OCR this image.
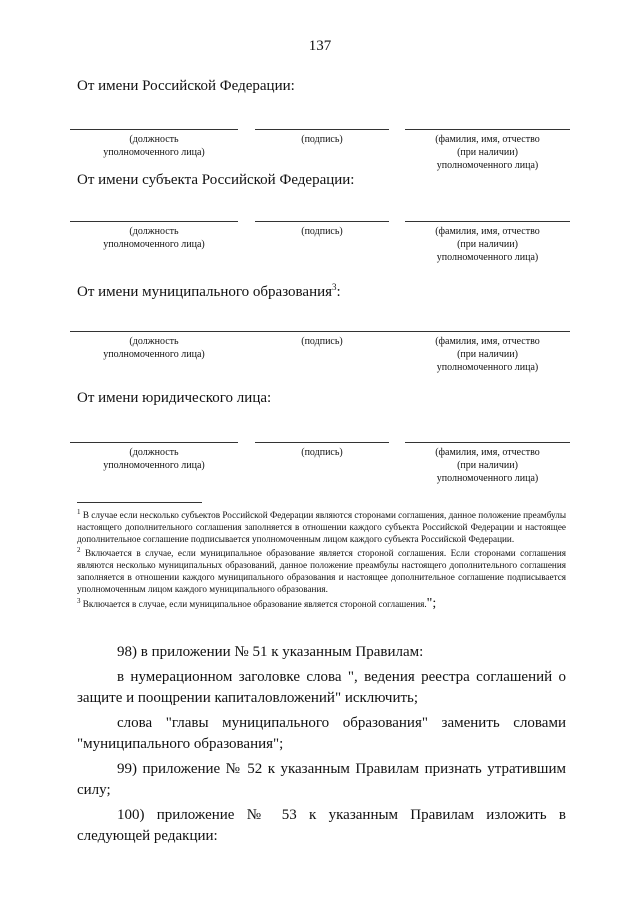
137
От имени Российской Федерации:
(должность
уполномоченного лица)
(подпись)	(фамилия, имя, отчество
(при наличии)
уполномоченного лица)
От имени субъекта Российской Федерации:
(должность
уполномоченного лица)
(подпись)	(фамилия, имя, отчество
(при наличии)
уполномоченного лица)
От имени муниципального образования$^3$:
(должность
уполномоченного лица)
(подпись)	(фамилия, имя, отчество
(при наличии)
уполномоченного лица)
От имени юридического лица:
(должность
уполномоченного лица)
(подпись)	(фамилия, имя, отчество
(при наличии)
уполномоченного лица)
$^1$ В случае если несколько субъектов Российской Федерации являются сторонами соглашения, данное положение преамбулы настоящего дополнительного соглашения заполняется в отношении каждого субъекта Российской Федерации и настоящее дополнительное соглашение подписывается уполномоченным лицом каждого субъекта Российской Федерации.
$^2$ Включается в случае, если муниципальное образование является стороной соглашения. Если сторонами соглашения являются несколько муниципальных образований, данное положение преамбулы настоящего дополнительного соглашения заполняется в отношении каждого муниципального образования и настоящее дополнительное соглашение подписывается уполномоченным лицом каждого муниципального образования.
$^3$ Включается в случае, если муниципальное образование является стороной соглашения.";

98) в приложении № 51 к указанным Правилам:

в нумерационном заголовке слова ", ведения реестра соглашений о защите и поощрении капиталовложений" исключить;

слова "главы муниципального образования" заменить словами "муниципального образования";

99) приложение № 52 к указанным Правилам признать утратившим силу;

100) приложение № 53 к указанным Правилам изложить в следующей редакции:
